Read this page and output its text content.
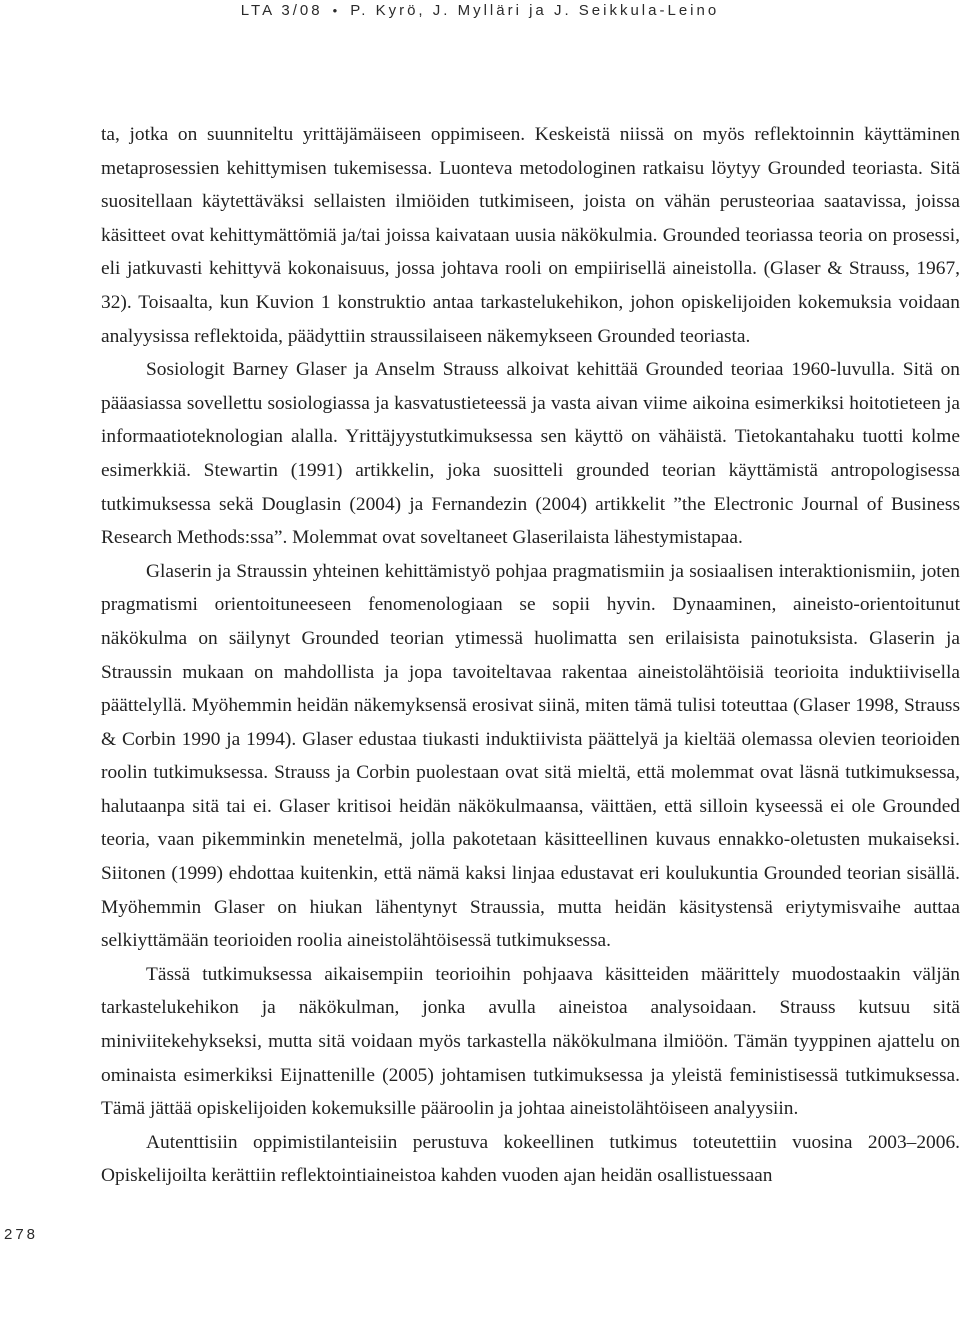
LTA 3/08 • P. Kyrö, J. Mylläri ja J. Seikkula-Leino
278

ta, jotka on suunniteltu yrittäjämäiseen oppimiseen. Keskeistä niissä on myös reflektoinnin käyttäminen metaprosessien kehittymisen tukemisessa. Luonteva metodologinen ratkaisu löytyy Grounded teoriasta. Sitä suositellaan käytettäväksi sellaisten ilmiöiden tutkimiseen, joista on vähän perusteoriaa saatavissa, joissa käsitteet ovat kehittymättömiä ja/tai joissa kaivataan uusia näkökulmia. Grounded teoriassa teoria on prosessi, eli jatkuvasti kehittyvä kokonaisuus, jossa johtava rooli on empiirisellä aineistolla. (Glaser & Strauss, 1967, 32). Toisaalta, kun Kuvion 1 konstruktio antaa tarkastelukehikon, johon opiskelijoiden kokemuksia voidaan analyysissa reflektoida, päädyttiin straussilaiseen näkemykseen Grounded teoriasta.

Sosiologit Barney Glaser ja Anselm Strauss alkoivat kehittää Grounded teoriaa 1960-luvulla. Sitä on pääasiassa sovellettu sosiologiassa ja kasvatustieteessä ja vasta aivan viime aikoina esimerkiksi hoitotieteen ja informaatioteknologian alalla. Yrittäjyystutkimuksessa sen käyttö on vähäistä. Tietokantahaku tuotti kolme esimerkkiä. Stewartin (1991) artikkelin, joka suositteli grounded teorian käyttämistä antropologisessa tutkimuksessa sekä Douglasin (2004) ja Fernandezin (2004) artikkelit ”the Electronic Journal of Business Research Methods:ssa”. Molemmat ovat soveltaneet Glaserilaista lähestymistapaa.

Glaserin ja Straussin yhteinen kehittämistyö pohjaa pragmatismiin ja sosiaalisen interaktionismiin, joten pragmatismi orientoituneeseen fenomenologiaan se sopii hyvin. Dynaaminen, aineisto-orientoitunut näkökulma on säilynyt Grounded teorian ytimessä huolimatta sen erilaisista painotuksista. Glaserin ja Straussin mukaan on mahdollista ja jopa tavoiteltavaa rakentaa aineistolähtöisiä teorioita induktiivisella päättelyllä. Myöhemmin heidän näkemyksensä erosivat siinä, miten tämä tulisi toteuttaa (Glaser 1998, Strauss & Corbin 1990 ja 1994). Glaser edustaa tiukasti induktiivista päättelyä ja kieltää olemassa olevien teorioiden roolin tutkimuksessa. Strauss ja Corbin puolestaan ovat sitä mieltä, että molemmat ovat läsnä tutkimuksessa, halutaanpa sitä tai ei. Glaser kritisoi heidän näkökulmaansa, väittäen, että silloin kyseessä ei ole Grounded teoria, vaan pikemminkin menetelmä, jolla pakotetaan käsitteellinen kuvaus ennakko-oletusten mukaiseksi. Siitonen (1999) ehdottaa kuitenkin, että nämä kaksi linjaa edustavat eri koulukuntia Grounded teorian sisällä. Myöhemmin Glaser on hiukan lähentynyt Straussia, mutta heidän käsitystensä eriytymisvaihe auttaa selkiyttämään teorioiden roolia aineistolähtöisessä tutkimuksessa.

Tässä tutkimuksessa aikaisempiin teorioihin pohjaava käsitteiden määrittely muodostaakin väljän tarkastelukehikon ja näkökulman, jonka avulla aineistoa analysoidaan. Strauss kutsuu sitä miniviitekehykseksi, mutta sitä voidaan myös tarkastella näkökulmana ilmiöön. Tämän tyyppinen ajattelu on ominaista esimerkiksi Eijnattenille (2005) johtamisen tutkimuksessa ja yleistä feministisessä tutkimuksessa. Tämä jättää opiskelijoiden kokemuksille pääroolin ja johtaa aineistolähtöiseen analyysiin.

Autenttisiin oppimistilanteisiin perustuva kokeellinen tutkimus toteutettiin vuosina 2003–2006. Opiskelijoilta kerättiin reflektointiaineistoa kahden vuoden ajan heidän osallistuessaan
